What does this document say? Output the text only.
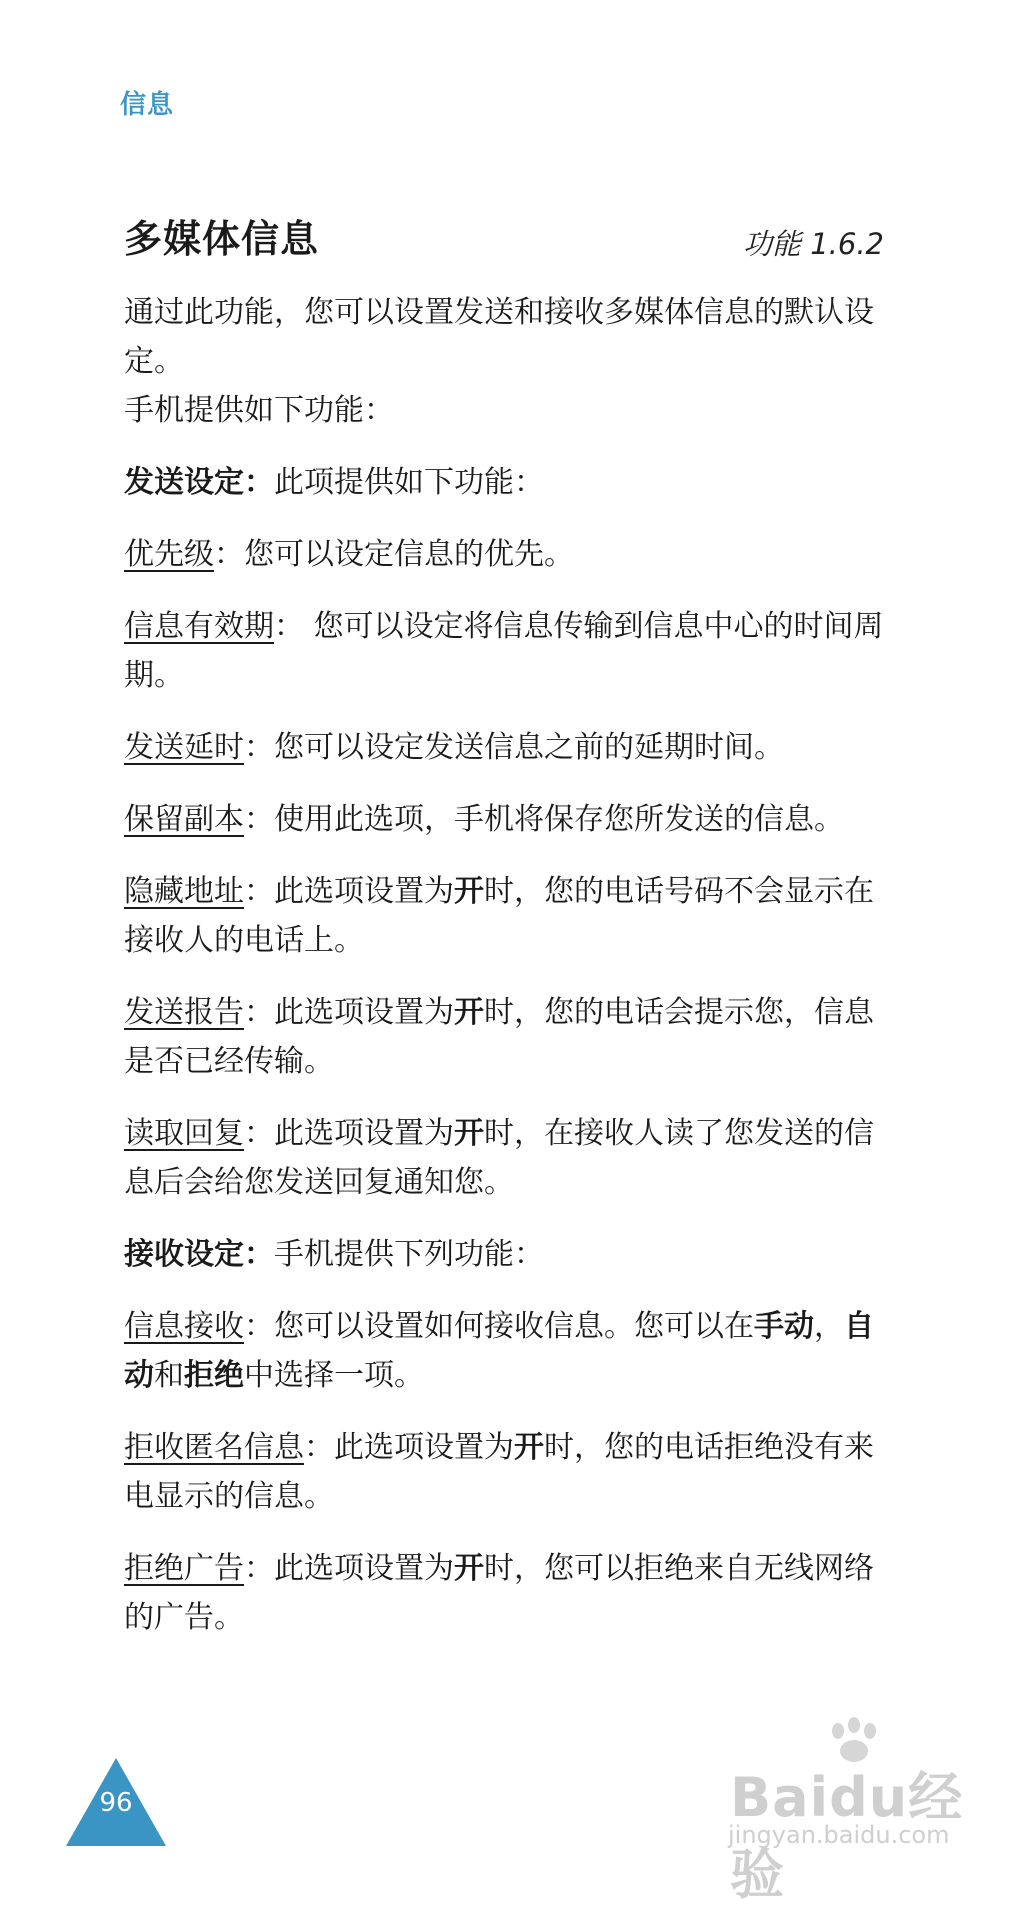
信息
多媒体信息	功能 1.6.2

通过此功能，您可以设置发送和接收多媒体信息的默认设定。

手机提供如下功能：

发送设定：此项提供如下功能：

优先级：您可以设定信息的优先。

信息有效期： 您可以设定将信息传输到信息中心的时间周期。

发送延时：您可以设定发送信息之前的延期时间。

保留副本：使用此选项，手机将保存您所发送的信息。

隐藏地址：此选项设置为开时，您的电话号码不会显示在接收人的电话上。

发送报告：此选项设置为开时，您的电话会提示您，信息是否已经传输。

读取回复：此选项设置为开时，在接收人读了您发送的信息后会给您发送回复通知您。

接收设定：手机提供下列功能：

信息接收：您可以设置如何接收信息。您可以在手动，自动和拒绝中选择一项。

拒收匿名信息：此选项设置为开时，您的电话拒绝没有来电显示的信息。

拒绝广告：此选项设置为开时，您可以拒绝来自无线网络的广告。

96	Baidu经验
jingyan.baidu.com
